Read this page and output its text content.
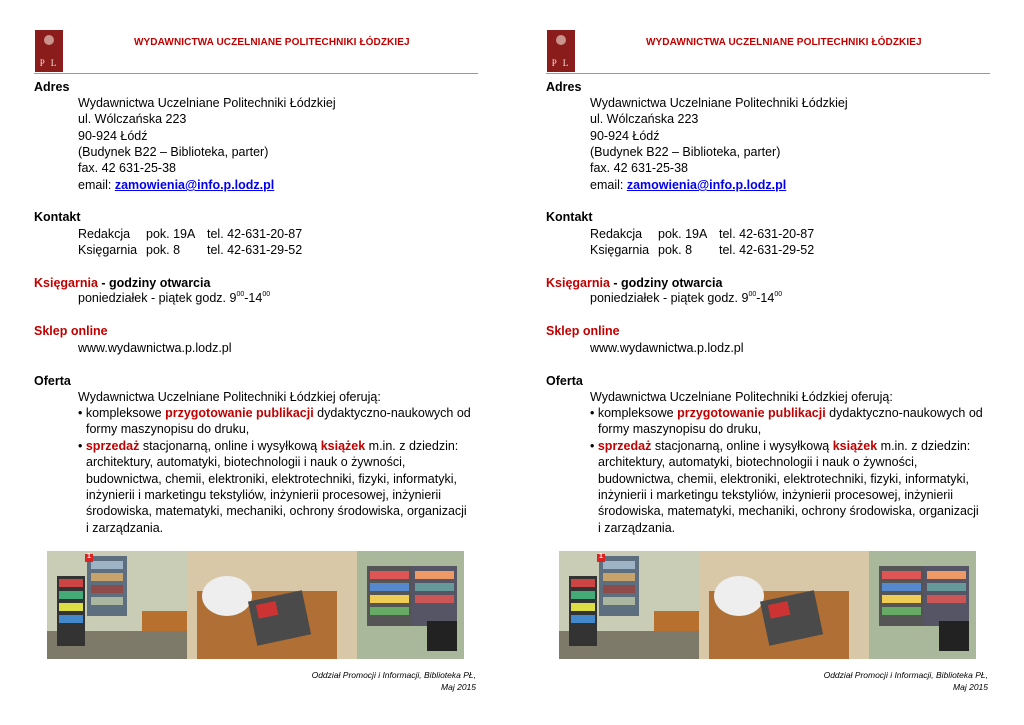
P L
WYDAWNICTWA UCZELNIANE POLITECHNIKI ŁÓDZKIEJ
Adres
Wydawnictwa Uczelniane Politechniki Łódzkiej
ul. Wólczańska 223
90-924 Łódź
(Budynek B22 – Biblioteka, parter)
fax. 42 631-25-38
email: zamowienia@info.p.lodz.pl
Kontakt
Redakcja pok. 19A tel. 42-631-20-87
Księgarnia pok. 8 tel. 42-631-29-52
Księgarnia - godziny otwarcia
poniedziałek - piątek godz. $9^{00}-14^{00}$
Sklep online
www.wydawnictwa.p.lodz.pl
Oferta
Wydawnictwa Uczelniane Politechniki Łódzkiej oferują:
• kompleksowe przygotowanie publikacji dydaktyczno-naukowych od
formy maszynopisu do druku,
• sprzedaż stacjonarną, online i wysyłkową książek m.in. z dziedzin:
architektury, automatyki, biotechnologii i nauk o żywności,
budownictwa, chemii, elektroniki, elektrotechniki, fizyki, informatyki,
inżynierii i marketingu tekstyliów, inżynierii procesowej, inżynierii
środowiska, matematyki, mechaniki, ochrony środowiska, organizacji
i zarządzania.
1
Oddział Promocji i Informacji, Biblioteka PŁ,
Maj 2015
P L
WYDAWNICTWA UCZELNIANE POLITECHNIKI ŁÓDZKIEJ
Adres
Wydawnictwa Uczelniane Politechniki Łódzkiej
ul. Wólczańska 223
90-924 Łódź
(Budynek B22 – Biblioteka, parter)
fax. 42 631-25-38
email: zamowienia@info.p.lodz.pl
Kontakt
Redakcja pok. 19A tel. 42-631-20-87
Księgarnia pok. 8 tel. 42-631-29-52
Księgarnia - godziny otwarcia
poniedziałek - piątek godz. $9^{00}-14^{00}$
Sklep online
www.wydawnictwa.p.lodz.pl
Oferta
Wydawnictwa Uczelniane Politechniki Łódzkiej oferują:
• kompleksowe przygotowanie publikacji dydaktyczno-naukowych od
formy maszynopisu do druku,
• sprzedaż stacjonarną, online i wysyłkową książek m.in. z dziedzin:
architektury, automatyki, biotechnologii i nauk o żywności,
budownictwa, chemii, elektroniki, elektrotechniki, fizyki, informatyki,
inżynierii i marketingu tekstyliów, inżynierii procesowej, inżynierii
środowiska, matematyki, mechaniki, ochrony środowiska, organizacji
i zarządzania.
1
Oddział Promocji i Informacji, Biblioteka PŁ,
Maj 2015
